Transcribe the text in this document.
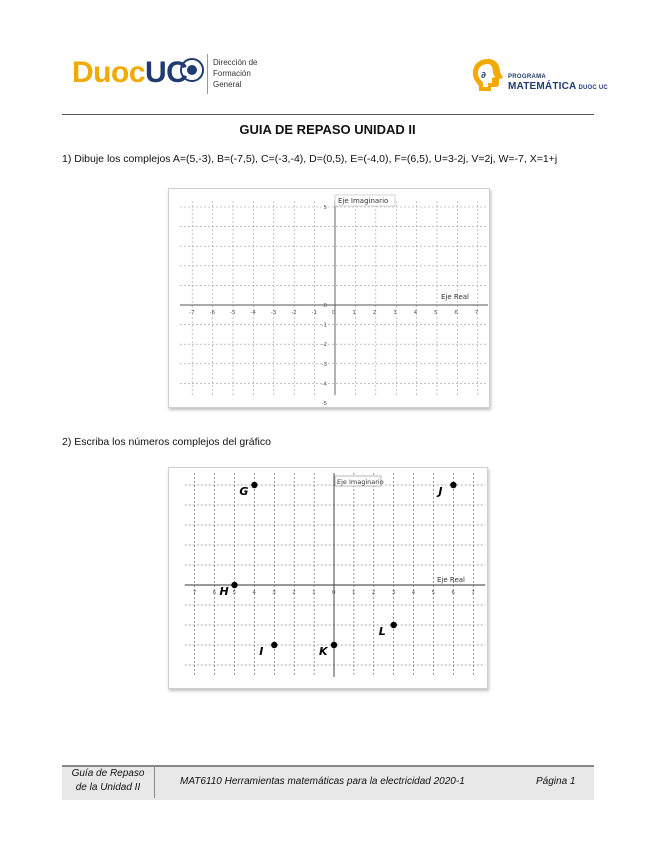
DuocUC	Dirección de
Formación
General
∂	PROGRAMA
MATEMÁTICA DUOC UC
GUIA DE REPASO UNIDAD II
1) Dibuje los complejos A=(5,-3), B=(-7,5), C=(-3,-4), D=(0,5), E=(-4,0), F=(6,5), U=3-2j, V=2j, W=-7, X=1+j
-7	-6	-5	-4	-3	-2	-1	0	1	2	3	4	5	6	7
-5
-4
-3
-2
-1
0
5
Eje Imaginario
Eje Real
2) Escriba los números complejos del gráfico
7	6	5	4	3	2	1	0	1	2	3	4	5	6	7
Eje Imaginario
Eje Real
G	J
H
L
I	K
Guía de Repaso
de la Unidad II
MAT6110 Herramientas matemáticas para la electricidad 2020-1	Página 1
